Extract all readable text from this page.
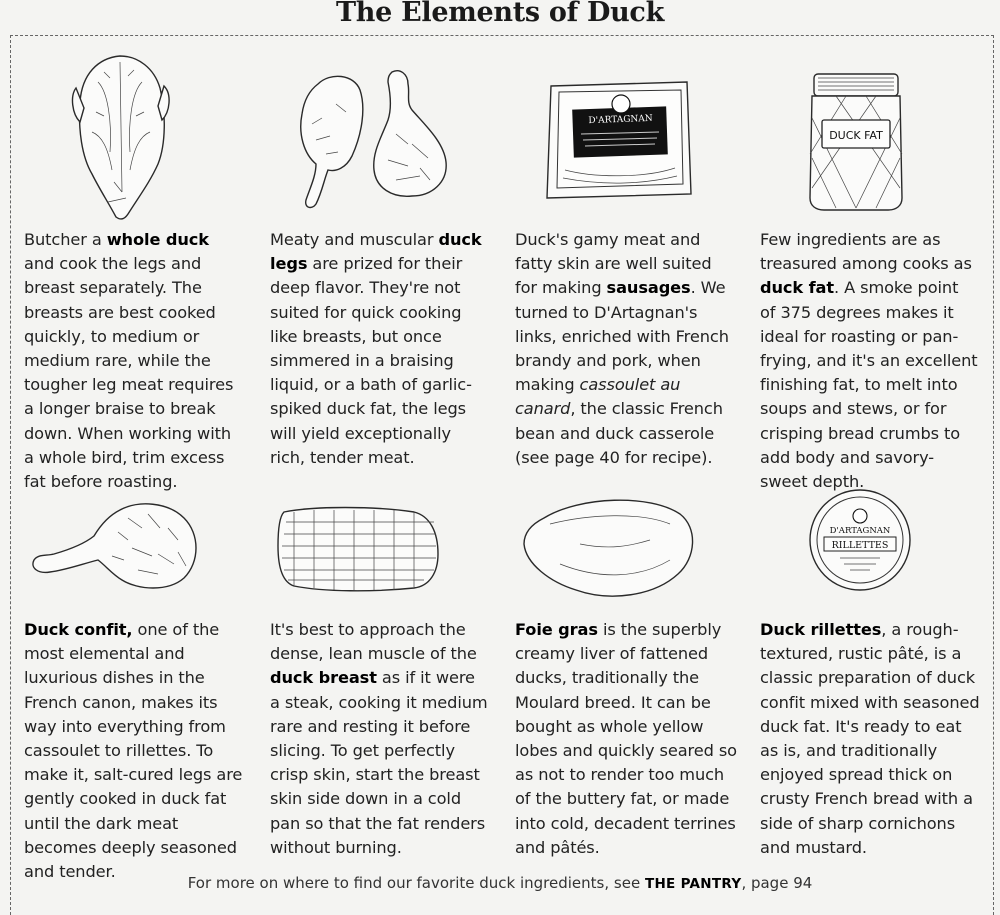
The Elements of Duck
D'ARTAGNAN
DUCK FAT

Butcher a whole duck and cook the legs and breast separately. The breasts are best cooked quickly, to medium or medium rare, while the tougher leg meat requires a longer braise to break down. When working with a whole bird, trim excess fat before roasting.

Meaty and muscular duck legs are prized for their deep flavor. They're not suited for quick cooking like breasts, but once simmered in a braising liquid, or a bath of garlic-spiked duck fat, the legs will yield exceptionally rich, tender meat.

Duck's gamy meat and fatty skin are well suited for making sausages. We turned to D'Artagnan's links, enriched with French brandy and pork, when making cassoulet au canard, the classic French bean and duck casserole (see page 40 for recipe).

Few ingredients are as treasured among cooks as duck fat. A smoke point of 375 degrees makes it ideal for roasting or pan-frying, and it's an excellent finishing fat, to melt into soups and stews, or for crisping bread crumbs to add body and savory-sweet depth.

D'ARTAGNAN
RILLETTES

Duck confit, one of the most elemental and luxurious dishes in the French canon, makes its way into everything from cassoulet to rillettes. To make it, salt-cured legs are gently cooked in duck fat until the dark meat becomes deeply seasoned and tender.

It's best to approach the dense, lean muscle of the duck breast as if it were a steak, cooking it medium rare and resting it before slicing. To get perfectly crisp skin, start the breast skin side down in a cold pan so that the fat renders without burning.

Foie gras is the superbly creamy liver of fattened ducks, traditionally the Moulard breed. It can be bought as whole yellow lobes and quickly seared so as not to render too much of the buttery fat, or made into cold, decadent terrines and pâtés.

Duck rillettes, a rough-textured, rustic pâté, is a classic preparation of duck confit mixed with seasoned duck fat. It's ready to eat as is, and traditionally enjoyed spread thick on crusty French bread with a side of sharp cornichons and mustard.

For more on where to find our favorite duck ingredients, see THE PANTRY, page 94
